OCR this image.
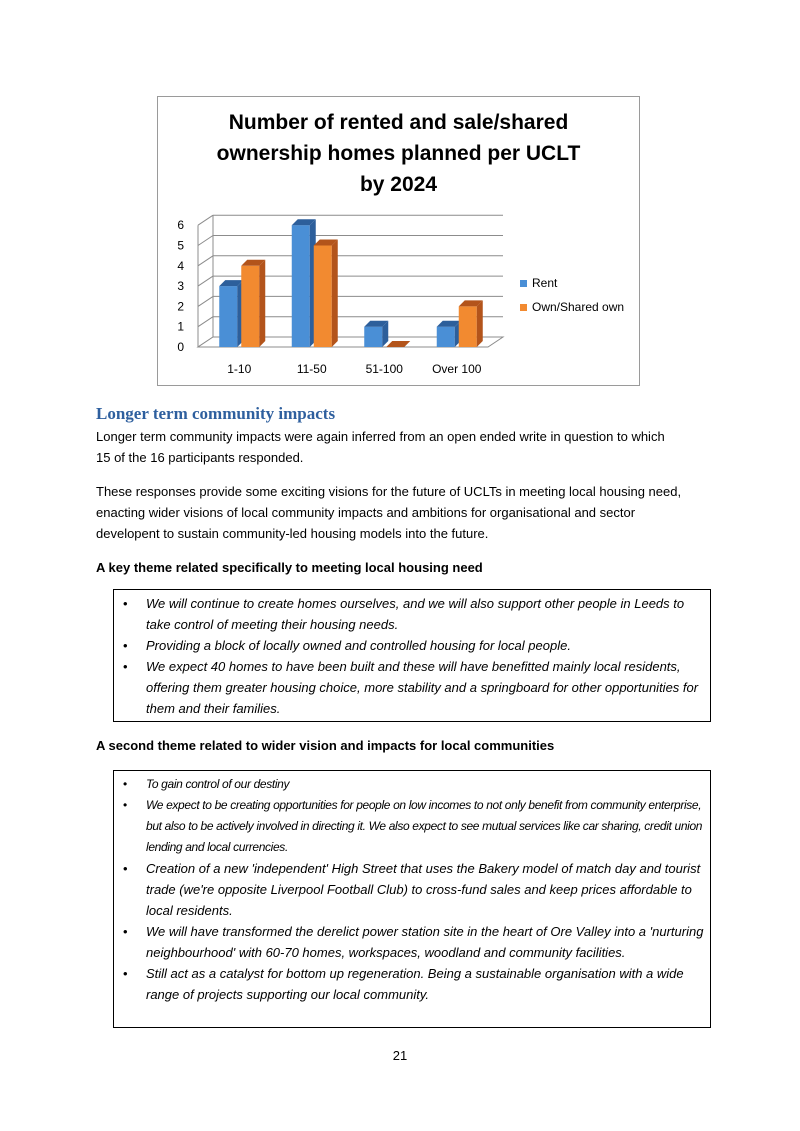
Number of rented and sale/shared
ownership homes planned per UCLT
by 2024
0
1
2
3
4
5
6
1-10	11-50	51-100 Over 100
Rent
Own/Shared own
Longer term community impacts
Longer term community impacts were again inferred from an open ended write in question to which
15 of the 16 participants responded.
These responses provide some exciting visions for the future of UCLTs in meeting local housing need,
enacting wider visions of local community impacts and ambitions for organisational and sector
developent to sustain community-led housing models into the future.
A key theme related specifically to meeting local housing need
• We will continue to create homes ourselves, and we will also support other people in Leeds to take control of meeting their housing needs.
• Providing a block of locally owned and controlled housing for local people.
• We expect 40 homes to have been built and these will have benefitted mainly local residents, offering them greater housing choice, more stability and a springboard for other opportunities for them and their families.
A second theme related to wider vision and impacts for local communities
• To gain control of our destiny
• We expect to be creating opportunities for people on low incomes to not only benefit from community enterprise, but also to be actively involved in directing it. We also expect to see mutual services like car sharing, credit union lending and local currencies.
• Creation of a new 'independent' High Street that uses the Bakery model of match day and tourist trade (we're opposite Liverpool Football Club) to cross-fund sales and keep prices affordable to local residents.
• We will have transformed the derelict power station site in the heart of Ore Valley into a 'nurturing neighbourhood' with 60-70 homes, workspaces, woodland and community facilities.
• Still act as a catalyst for bottom up regeneration. Being a sustainable organisation with a wide range of projects supporting our local community.
21
